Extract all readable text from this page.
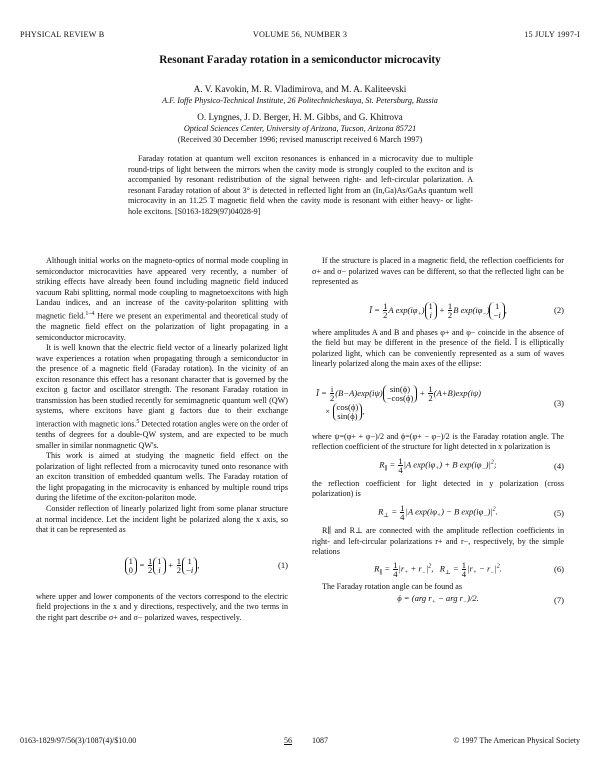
PHYSICAL REVIEW B	VOLUME 56, NUMBER 3	15 JULY 1997-I
Resonant Faraday rotation in a semiconductor microcavity
A. V. Kavokin, M. R. Vladimirova, and M. A. Kaliteevski
A.F. Ioffe Physico-Technical Institute, 26 Politechnicheskaya, St. Petersburg, Russia
O. Lyngnes, J. D. Berger, H. M. Gibbs, and G. Khitrova
Optical Sciences Center, University of Arizona, Tucson, Arizona 85721
(Received 30 December 1996; revised manuscript received 6 March 1997)
Faraday rotation at quantum well exciton resonances is enhanced in a microcavity due to multiple round-trips of light between the mirrors when the cavity mode is strongly coupled to the exciton and is accompanied by resonant redistribution of the signal between right- and left-circular polarization. A resonant Faraday rotation of about 3° is detected in reflected light from an (In,Ga)As/GaAs quantum well microcavity in an 11.25 T magnetic field when the cavity mode is resonant with either heavy- or light-hole excitons. [S0163-1829(97)04028-9]

Although initial works on the magneto-optics of normal mode coupling in semiconductor microcavities have appeared very recently, a number of striking effects have already been found including magnetic field induced vacuum Rabi splitting, normal mode coupling to magnetoexcitons with high Landau indices, and an increase of the cavity-polariton splitting with magnetic field.$^{1-4}$ Here we present an experimental and theoretical study of the magnetic field effect on the polarization of light propagating in a semiconductor microcavity.

It is well known that the electric field vector of a linearly polarized light wave experiences a rotation when propagating through a semiconductor in the presence of a magnetic field (Faraday rotation). In the vicinity of an exciton resonance this effect has a resonant character that is governed by the exciton g factor and oscillator strength. The resonant Faraday rotation in transmission has been studied recently for semimagnetic quantum well (QW) systems, where excitons have giant g factors due to their exchange interaction with magnetic ions.$^5$ Detected rotation angles were on the order of tenths of degrees for a double-QW system, and are expected to be much smaller in similar nonmagnetic QW's.

This work is aimed at studying the magnetic field effect on the polarization of light reflected from a microcavity tuned onto resonance with an exciton transition of embedded quantum wells. The Faraday rotation of the light propagating in the microcavity is enhanced by multiple round trips during the lifetime of the exciton-polariton mode.

Consider reflection of linearly polarized light from some planar structure at normal incidence. Let the incident light be polarized along the x axis, so that it can be represented as

1
$0 = \frac{1}{2} 1$
$i + \frac{1}{2} 1$
−i,	(1)

where upper and lower components of the vectors correspond to the electric field projections in the x and y directions, respectively, and the two terms in the right part describe σ+ and σ− polarized waves, respectively.

If the structure is placed in a magnetic field, the reflection coefficients for σ+ and σ− polarized waves can be different, so that the reflected light can be represented as

Ĩ = $\frac{1}{2}$ A $\exp(i\varphi_+)$ 1
$i + \frac{1}{2}$ B $\exp(i\varphi_-)$ 1
−i,	(2)

where amplitudes A and B and phases φ+ and φ− coincide in the absence of the field but may be different in the presence of the field. Ĩ is elliptically polarized light, which can be conveniently represented as a sum of waves linearly polarized along the main axes of the ellipse:

Ĩ = $\frac{i}{2} (B-A)\exp(i\psi)$ sin(ϕ)
$-\cos(\phi) + \frac{1}{2} (A+B)\exp(i\psi)$
× cos(ϕ)
sin(ϕ),
(3)

where ψ=(φ+ + φ−)/2 and ϕ=(φ+ − φ−)/2 is the Faraday rotation angle. The reflection coefficient of the structure for light detected in x polarization is

$R_\parallel = \frac{1}{4} |A$ $\exp(i\varphi_+) + B$ $\exp(i\varphi_-)|^2$;	(4)

the reflection coefficient for light detected in y polarization (cross polarization) is

$R_\perp = \frac{1}{4} |A$ $\exp(i\varphi_+) - B$ $\exp(i\varphi_-)|^2$.	(5)

R∥ and R⊥ are connected with the amplitude reflection coefficients in right- and left-circular polarizations r+ and r−, respectively, by the simple relations

$R_\parallel = \frac{1}{4} |r_+ + r_-|^2$,   $R_\perp = \frac{1}{4} |r_+ - r_-|^2$.	(6)

The Faraday rotation angle can be found as

ϕ = (arg $r_+$ − arg $r_-)/2$.	(7)
0163-1829/97/56(3)/1087(4)/$10.00	56	1087	© 1997 The American Physical Society
